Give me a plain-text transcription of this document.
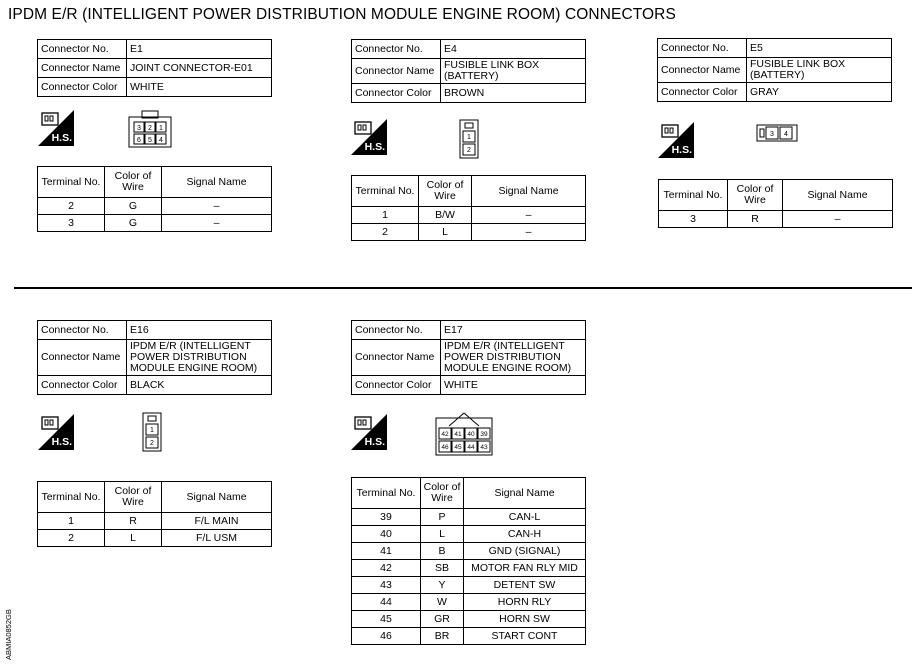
IPDM E/R (INTELLIGENT POWER DISTRIBUTION MODULE ENGINE ROOM) CONNECTORS
Connector No.	E1
Connector Name	JOINT CONNECTOR-E01
Connector Color	WHITE
H.S.
3 2 1
6 5 4
Terminal No.	Color of Wire	Signal Name
2	G	–
3	G	–
Connector No.	E4
Connector Name	FUSIBLE LINK BOX (BATTERY)
Connector Color	BROWN
H.S.
1
2
Terminal No.	Color of Wire	Signal Name
1	B/W	–
2	L	–
Connector No.	E5
Connector Name	FUSIBLE LINK BOX (BATTERY)
Connector Color	GRAY
H.S.
3 4
Terminal No.	Color of Wire	Signal Name
3	R	–
Connector No.	E16
Connector Name	IPDM E/R (INTELLIGENT POWER DISTRIBUTION MODULE ENGINE ROOM)
Connector Color	BLACK
H.S.
1
2
Terminal No.	Color of Wire	Signal Name
1	R	F/L MAIN
2	L	F/L USM
Connector No.	E17
Connector Name	IPDM E/R (INTELLIGENT POWER DISTRIBUTION MODULE ENGINE ROOM)
Connector Color	WHITE
H.S.
42 41 40 39
46 45 44 43
Terminal No.	Color of Wire	Signal Name
39	P	CAN-L
40	L	CAN-H
41	B	GND (SIGNAL)
42	SB	MOTOR FAN RLY MID
43	Y	DETENT SW
44	W	HORN RLY
45	GR	HORN SW
46	BR	START CONT
ABMIA0852GB
